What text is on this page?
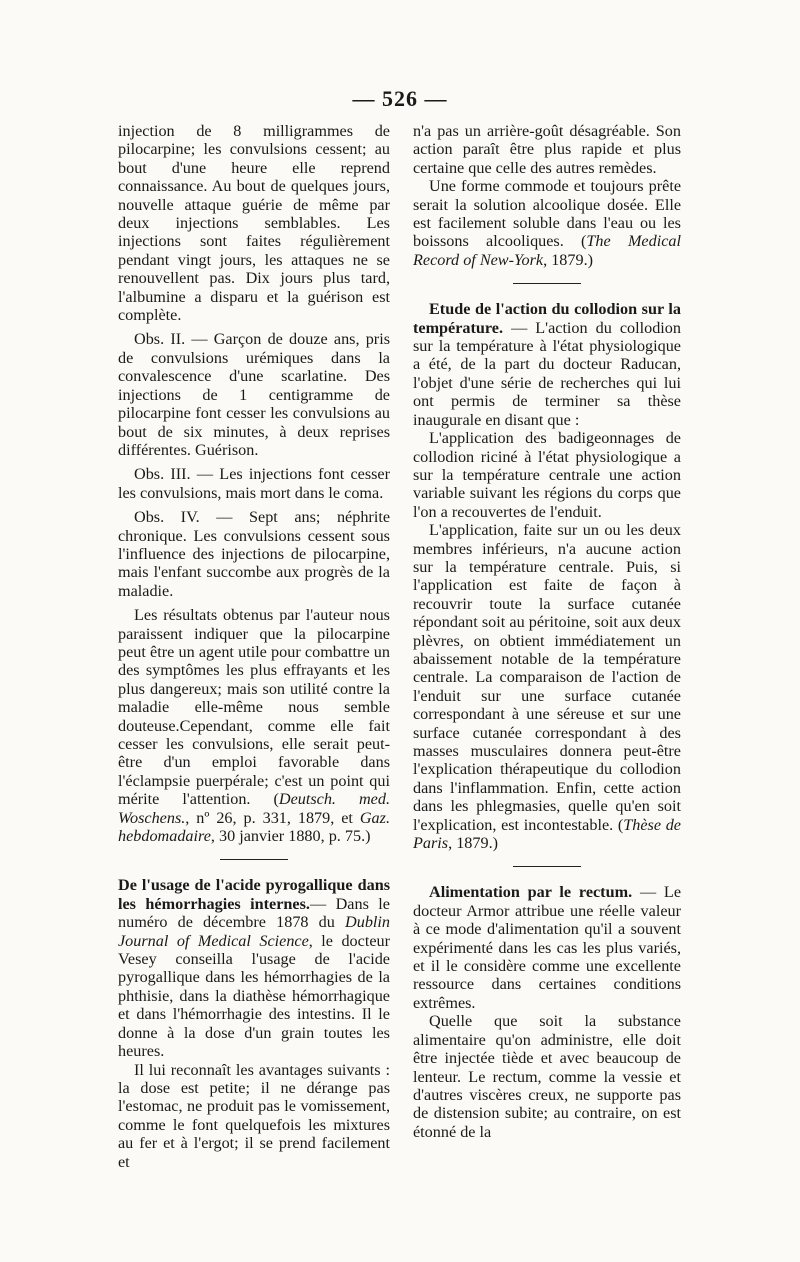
— 526 —

injection de 8 milligrammes de pilocarpine; les convulsions cessent; au bout d'une heure elle reprend connaissance. Au bout de quelques jours, nouvelle attaque guérie de même par deux injections semblables. Les injections sont faites régulièrement pendant vingt jours, les attaques ne se renouvellent pas. Dix jours plus tard, l'albumine a disparu et la guérison est complète.

Obs. II. — Garçon de douze ans, pris de convulsions urémiques dans la convalescence d'une scarlatine. Des injections de 1 centigramme de pilocarpine font cesser les convulsions au bout de six minutes, à deux reprises différentes. Guérison.

Obs. III. — Les injections font cesser les convulsions, mais mort dans le coma.

Obs. IV. — Sept ans; néphrite chronique. Les convulsions cessent sous l'influence des injections de pilocarpine, mais l'enfant succombe aux progrès de la maladie.

Les résultats obtenus par l'auteur nous paraissent indiquer que la pilocarpine peut être un agent utile pour combattre un des symptômes les plus effrayants et les plus dangereux; mais son utilité contre la maladie elle-même nous semble douteuse.Cependant, comme elle fait cesser les convulsions, elle serait peut-être d'un emploi favorable dans l'éclampsie puerpérale; c'est un point qui mérite l'attention. (Deutsch. med. Woschens., nº 26, p. 331, 1879, et Gaz. hebdomadaire, 30 janvier 1880, p. 75.)

De l'usage de l'acide pyrogallique dans les hémorrhagies internes.— Dans le numéro de décembre 1878 du Dublin Journal of Medical Science, le docteur Vesey conseilla l'usage de l'acide pyrogallique dans les hémorrhagies de la phthisie, dans la diathèse hémorrhagique et dans l'hémorrhagie des intestins. Il le donne à la dose d'un grain toutes les heures.

Il lui reconnaît les avantages suivants : la dose est petite; il ne dérange pas l'estomac, ne produit pas le vomissement, comme le font quelquefois les mixtures au fer et à l'ergot; il se prend facilement et

n'a pas un arrière-goût désagréable. Son action paraît être plus rapide et plus certaine que celle des autres remèdes.

Une forme commode et toujours prête serait la solution alcoolique dosée. Elle est facilement soluble dans l'eau ou les boissons alcooliques. (The Medical Record of New-York, 1879.)

Etude de l'action du collodion sur la température. — L'action du collodion sur la température à l'état physiologique a été, de la part du docteur Raducan, l'objet d'une série de recherches qui lui ont permis de terminer sa thèse inaugurale en disant que :

L'application des badigeonnages de collodion riciné à l'état physiologique a sur la température centrale une action variable suivant les régions du corps que l'on a recouvertes de l'enduit.

L'application, faite sur un ou les deux membres inférieurs, n'a aucune action sur la température centrale. Puis, si l'application est faite de façon à recouvrir toute la surface cutanée répondant soit au péritoine, soit aux deux plèvres, on obtient immédiatement un abaissement notable de la température centrale. La comparaison de l'action de l'enduit sur une surface cutanée correspondant à une séreuse et sur une surface cutanée correspondant à des masses musculaires donnera peut-être l'explication thérapeutique du collodion dans l'inflammation. Enfin, cette action dans les phlegmasies, quelle qu'en soit l'explication, est incontestable. (Thèse de Paris, 1879.)

Alimentation par le rectum. — Le docteur Armor attribue une réelle valeur à ce mode d'alimentation qu'il a souvent expérimenté dans les cas les plus variés, et il le considère comme une excellente ressource dans certaines conditions extrêmes.

Quelle que soit la substance alimentaire qu'on administre, elle doit être injectée tiède et avec beaucoup de lenteur. Le rectum, comme la vessie et d'autres viscères creux, ne supporte pas de distension subite; au contraire, on est étonné de la
